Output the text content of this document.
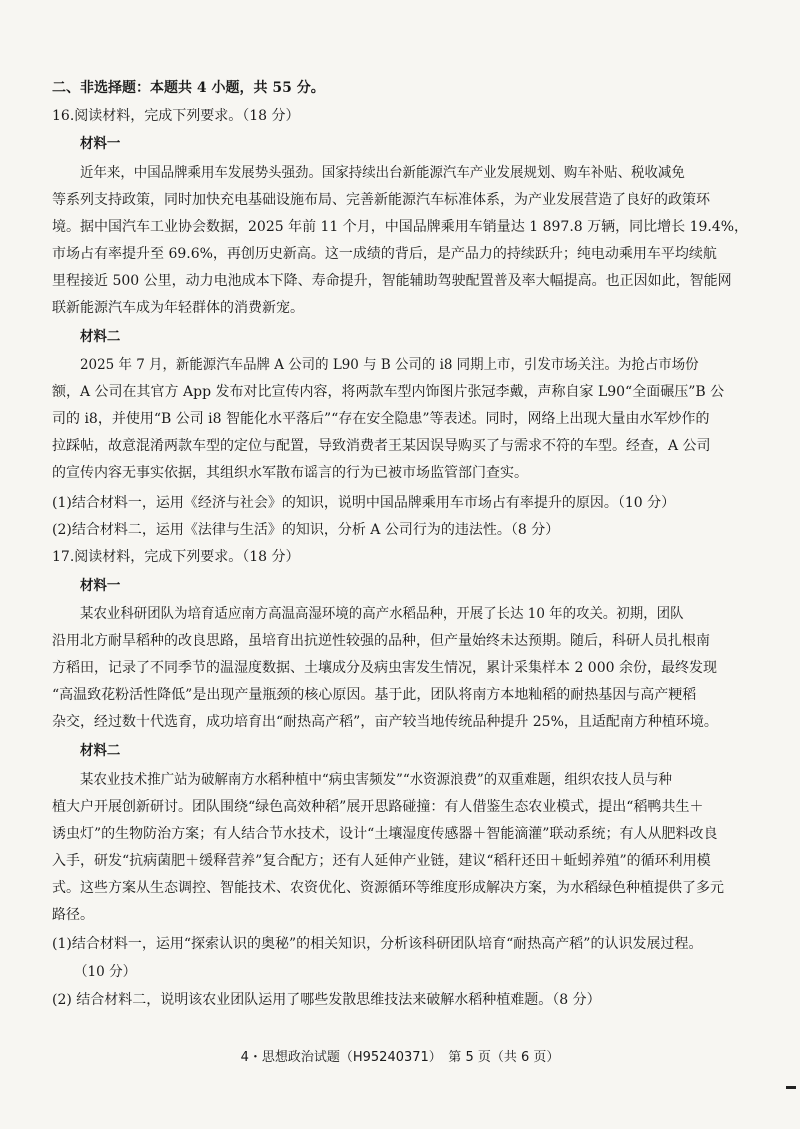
二、非选择题：本题共 4 小题，共 55 分。
16.阅读材料，完成下列要求。（18 分）
材料一
近年来，中国品牌乘用车发展势头强劲。国家持续出台新能源汽车产业发展规划、购车补贴、税收减免
等系列支持政策，同时加快充电基础设施布局、完善新能源汽车标准体系，为产业发展营造了良好的政策环
境。据中国汽车工业协会数据，2025 年前 11 个月，中国品牌乘用车销量达 1 897.8 万辆，同比增长 19.4%，
市场占有率提升至 69.6%，再创历史新高。这一成绩的背后，是产品力的持续跃升；纯电动乘用车平均续航
里程接近 500 公里，动力电池成本下降、寿命提升，智能辅助驾驶配置普及率大幅提高。也正因如此，智能网
联新能源汽车成为年轻群体的消费新宠。
材料二
2025 年 7 月，新能源汽车品牌 A 公司的 L90 与 B 公司的 i8 同期上市，引发市场关注。为抢占市场份
额，A 公司在其官方 App 发布对比宣传内容，将两款车型内饰图片张冠李戴，声称自家 L90“全面碾压”B 公
司的 i8，并使用“B 公司 i8 智能化水平落后”“存在安全隐患”等表述。同时，网络上出现大量由水军炒作的
拉踩帖，故意混淆两款车型的定位与配置，导致消费者王某因误导购买了与需求不符的车型。经查，A 公司
的宣传内容无事实依据，其组织水军散布谣言的行为已被市场监管部门查实。
(1)结合材料一，运用《经济与社会》的知识，说明中国品牌乘用车市场占有率提升的原因。（10 分）
(2)结合材料二，运用《法律与生活》的知识，分析 A 公司行为的违法性。（8 分）
17.阅读材料，完成下列要求。（18 分）
材料一
某农业科研团队为培育适应南方高温高湿环境的高产水稻品种，开展了长达 10 年的攻关。初期，团队
沿用北方耐旱稻种的改良思路，虽培育出抗逆性较强的品种，但产量始终未达预期。随后，科研人员扎根南
方稻田，记录了不同季节的温湿度数据、土壤成分及病虫害发生情况，累计采集样本 2 000 余份，最终发现
“高温致花粉活性降低”是出现产量瓶颈的核心原因。基于此，团队将南方本地籼稻的耐热基因与高产粳稻
杂交，经过数十代选育，成功培育出“耐热高产稻”，亩产较当地传统品种提升 25%，且适配南方种植环境。
材料二
某农业技术推广站为破解南方水稻种植中“病虫害频发”“水资源浪费”的双重难题，组织农技人员与种
植大户开展创新研讨。团队围绕“绿色高效种稻”展开思路碰撞：有人借鉴生态农业模式，提出“稻鸭共生＋
诱虫灯”的生物防治方案；有人结合节水技术，设计“土壤湿度传感器＋智能滴灌”联动系统；有人从肥料改良
入手，研发“抗病菌肥＋缓释营养”复合配方；还有人延伸产业链，建议“稻秆还田＋蚯蚓养殖”的循环利用模
式。这些方案从生态调控、智能技术、农资优化、资源循环等维度形成解决方案，为水稻绿色种植提供了多元
路径。
(1)结合材料一，运用“探索认识的奥秘”的相关知识，分析该科研团队培育“耐热高产稻”的认识发展过程。
（10 分）
(2) 结合材料二，说明该农业团队运用了哪些发散思维技法来破解水稻种植难题。（8 分）
4・思想政治试题（H95240371）　第 5 页（共 6 页）
